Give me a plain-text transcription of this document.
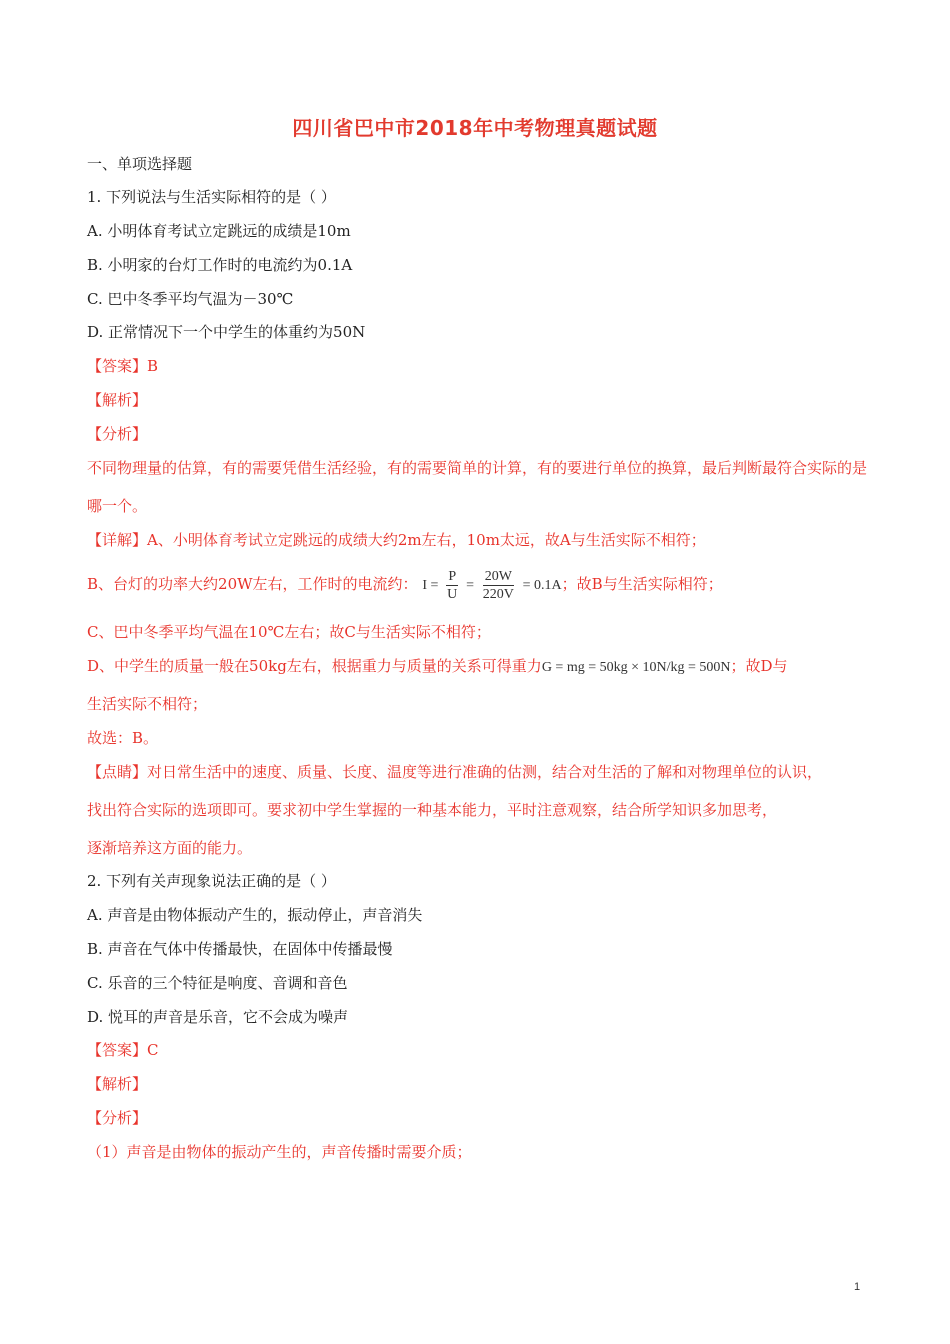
四川省巴中市2018年中考物理真题试题
一、单项选择题
1. 下列说法与生活实际相符的是（ ）
A. 小明体育考试立定跳远的成绩是10m
B. 小明家的台灯工作时的电流约为0.1A
C. 巴中冬季平均气温为－30℃
D. 正常情况下一个中学生的体重约为50N
【答案】B
【解析】
【分析】
不同物理量的估算，有的需要凭借生活经验，有的需要简单的计算，有的要进行单位的换算，最后判断最符合实际的是哪一个。
【详解】A、小明体育考试立定跳远的成绩大约2m左右，10m太远，故A与生活实际不相符；
B、台灯的功率大约20W左右，工作时的电流约： $I = \frac{P}{U} = \frac{20W}{220V} = 0.1A$；故B与生活实际相符；
C、巴中冬季平均气温在10℃左右；故C与生活实际不相符；
D、中学生的质量一般在50kg左右，根据重力与质量的关系可得重力G = mg = 50kg × 10N/kg = 500N；故D与
生活实际不相符；
故选：B。
【点睛】对日常生活中的速度、质量、长度、温度等进行准确的估测，结合对生活的了解和对物理单位的认识，
找出符合实际的选项即可。要求初中学生掌握的一种基本能力，平时注意观察，结合所学知识多加思考，
逐渐培养这方面的能力。
2. 下列有关声现象说法正确的是（ ）
A. 声音是由物体振动产生的，振动停止，声音消失
B. 声音在气体中传播最快，在固体中传播最慢
C. 乐音的三个特征是响度、音调和音色
D. 悦耳的声音是乐音，它不会成为噪声
【答案】C
【解析】
【分析】
（1）声音是由物体的振动产生的，声音传播时需要介质；
1
